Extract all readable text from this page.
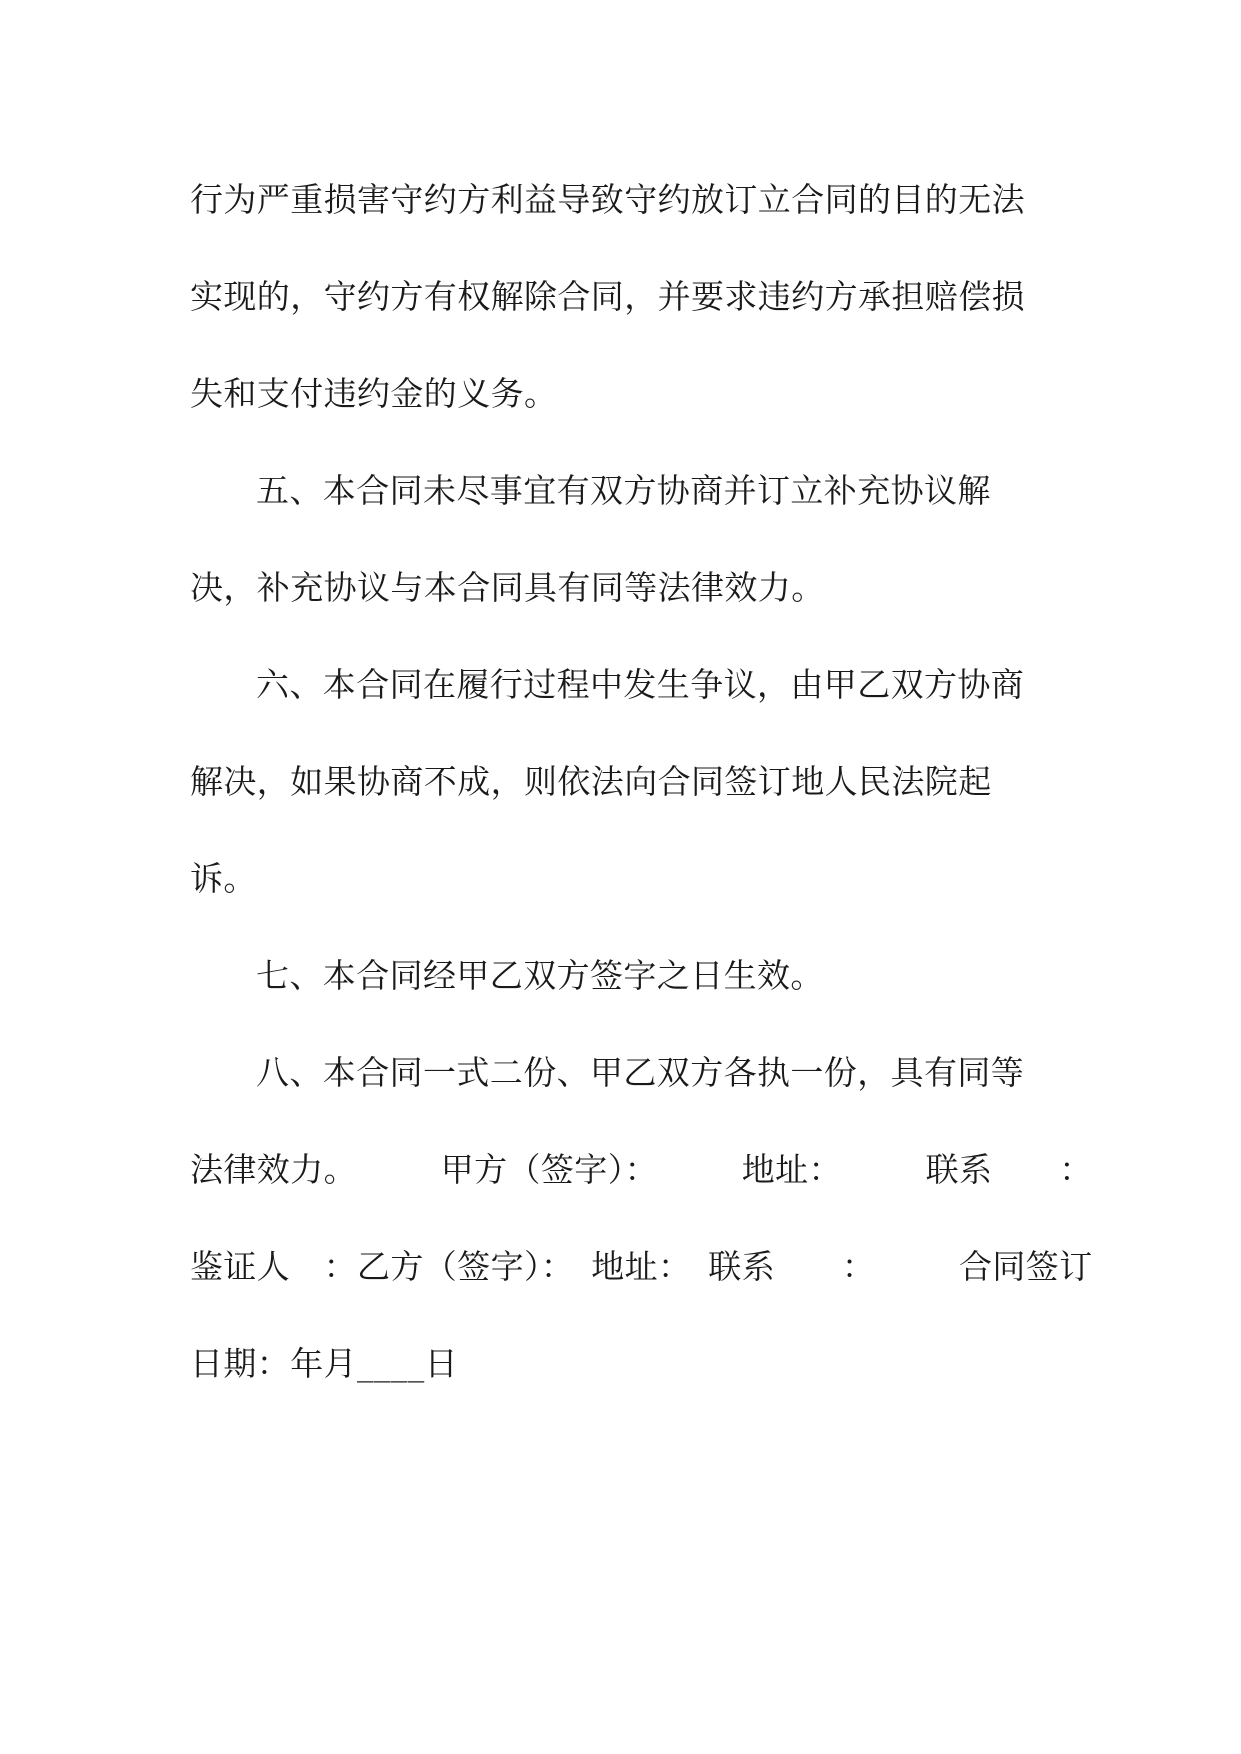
行为严重损害守约方利益导致守约放订立合同的目的无法
实现的，守约方有权解除合同，并要求违约方承担赔偿损
失和支付违约金的义务。
五、本合同未尽事宜有双方协商并订立补充协议解
决，补充协议与本合同具有同等法律效力。
六、本合同在履行过程中发生争议，由甲乙双方协商
解决，如果协商不成，则依法向合同签订地人民法院起
诉。
七、本合同经甲乙双方签字之日生效。
八、本合同一式二份、甲乙双方各执一份，具有同等
法律效力。　　　甲方（签字）：　　　地址：　　　联系　　：
鉴证人　：乙方（签字）：　地址：　联系　　：　　　合同签订
日期：年月____日
